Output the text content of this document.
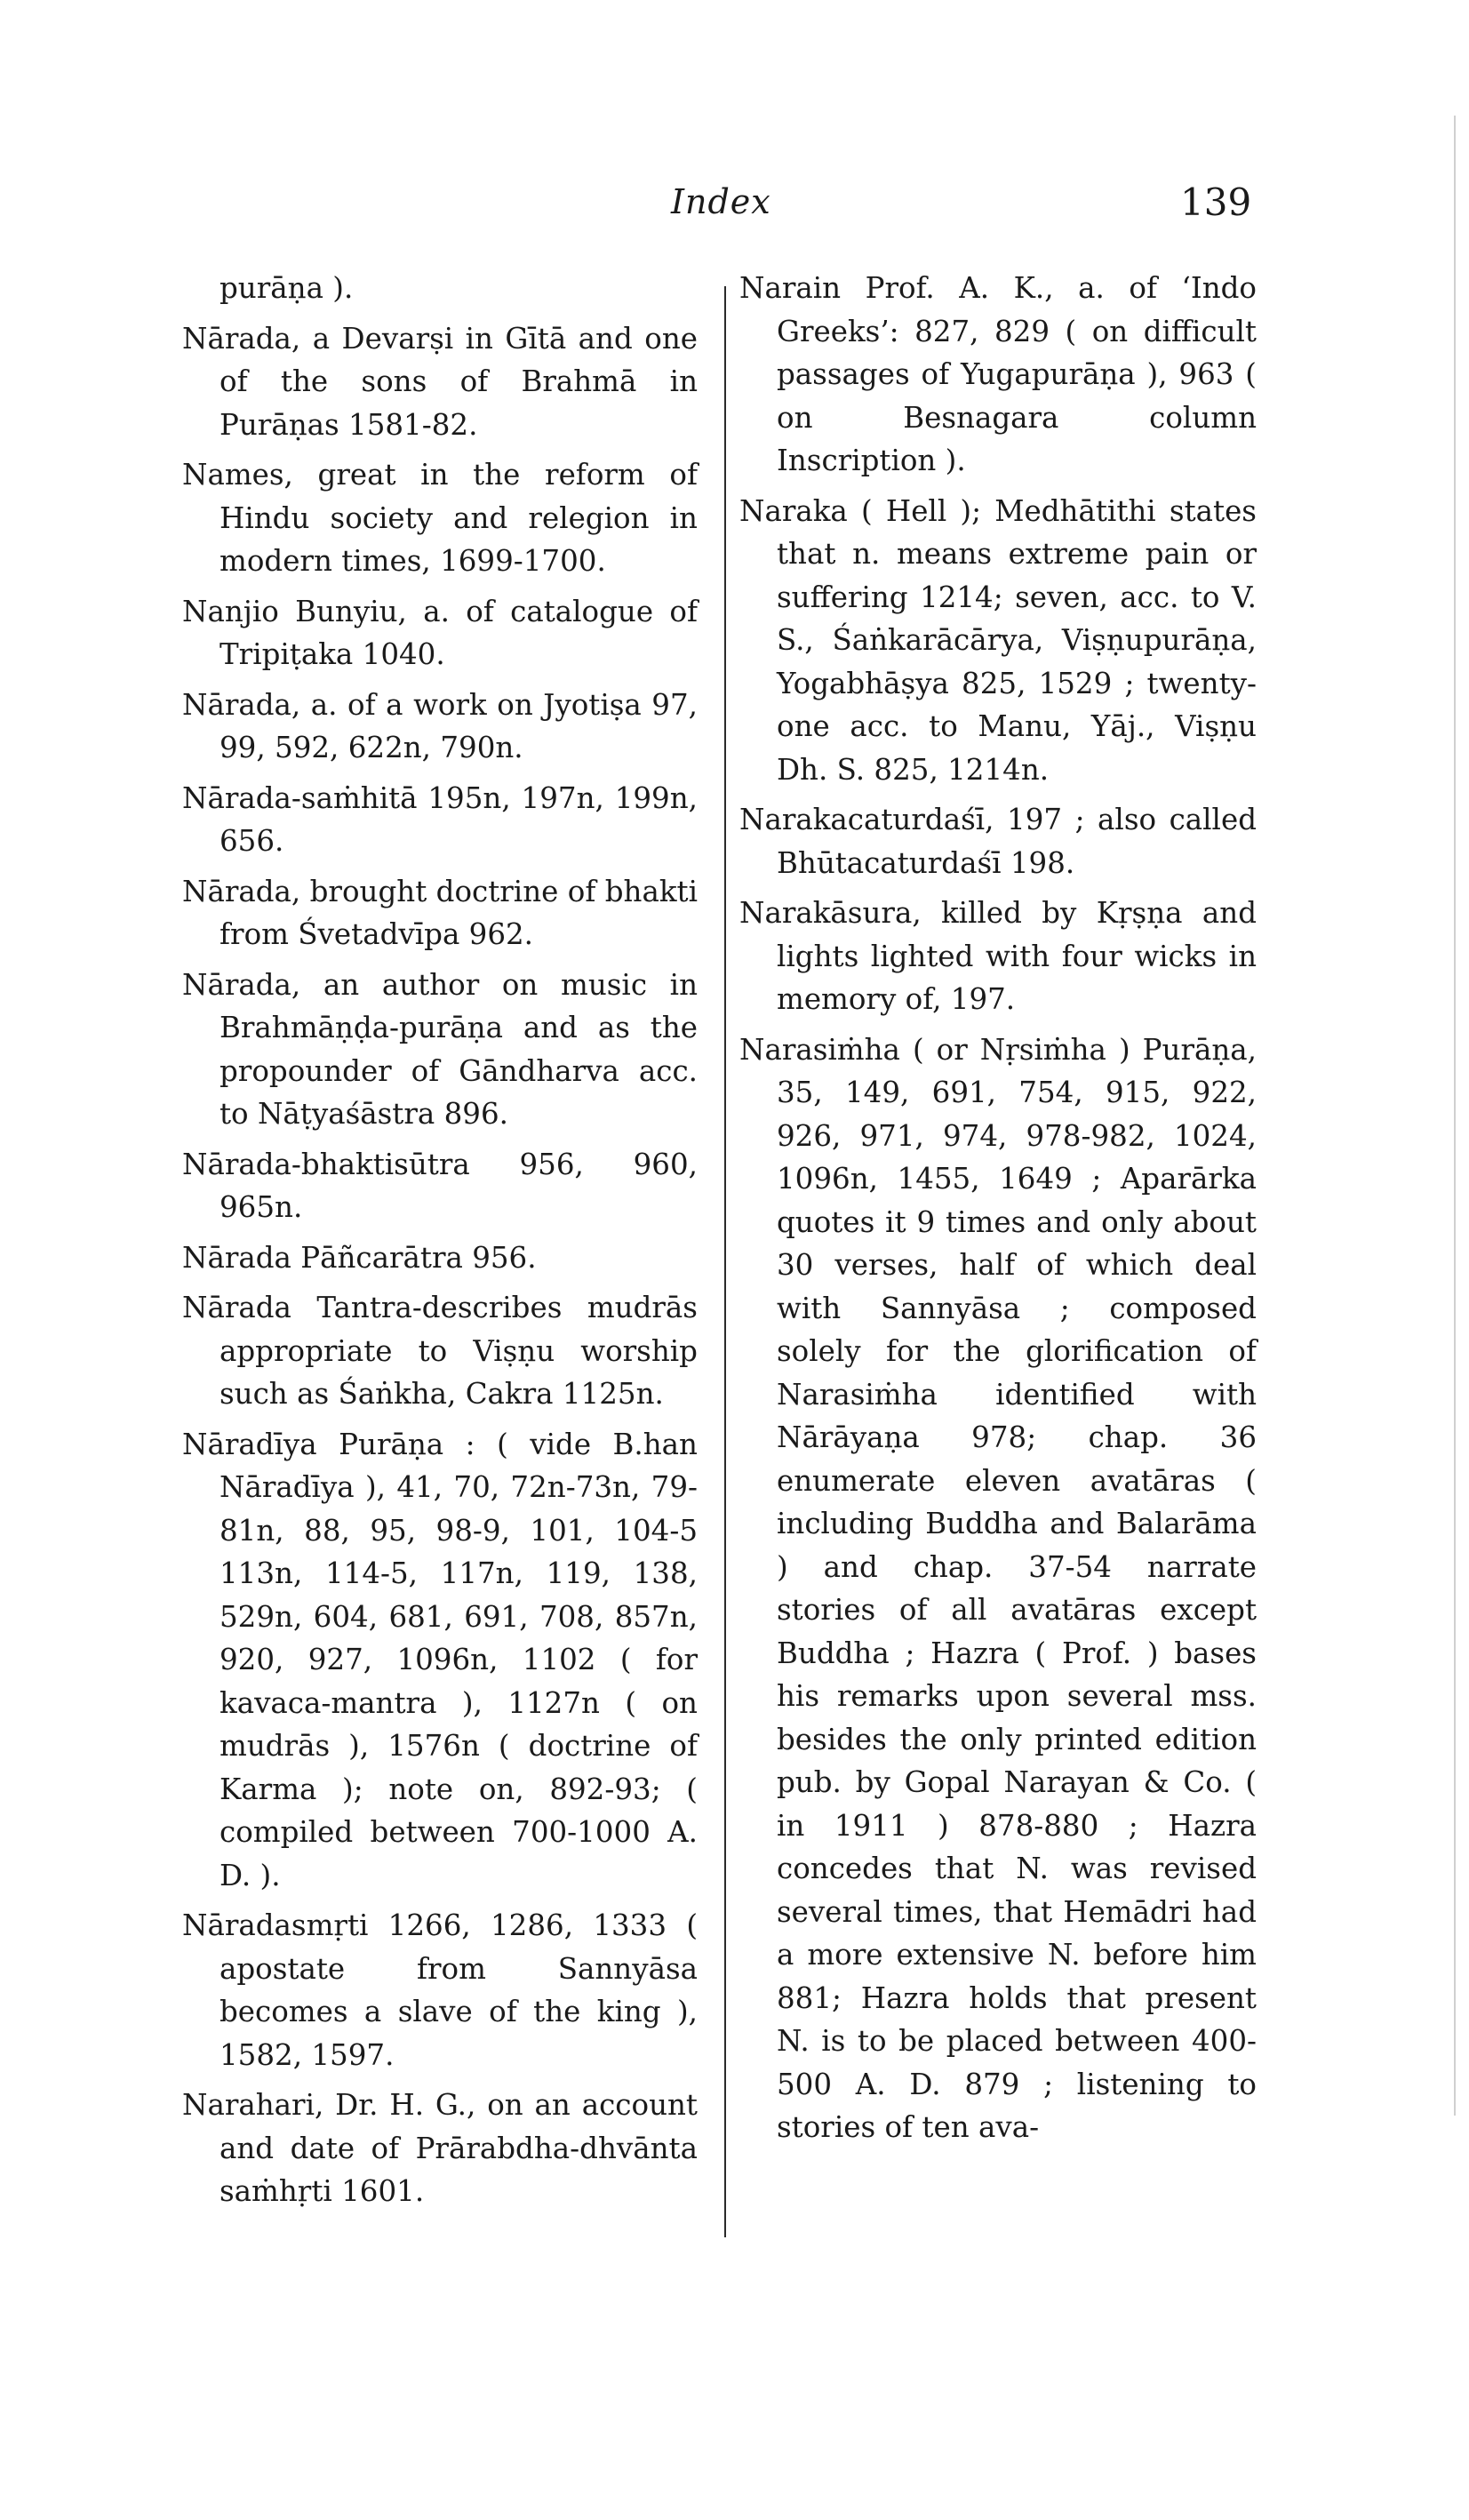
Index	139

purāṇa ).

Nārada, a Devarṣi in Gītā and one of the sons of Brahmā in Purāṇas 1581-82.

Names, great in the reform of Hindu society and relegion in modern times, 1699-1700.

Nanjio Bunyiu, a. of catalogue of Tripiṭaka 1040.

Nārada, a. of a work on Jyotiṣa 97, 99, 592, 622n, 790n.

Nārada-saṁhitā 195n, 197n, 199n, 656.

Nārada, brought doctrine of bhakti from Śvetadvīpa 962.

Nārada, an author on music in Brahmāṇḍa-purāṇa and as the propounder of Gāndharva acc. to Nāṭyaśāstra 896.

Nārada-bhaktisūtra 956, 960, 965n.

Nārada Pāñcarātra 956.

Nārada Tantra-describes mudrās appropriate to Viṣṇu worship such as Śaṅkha, Cakra 1125n.

Nāradīya Purāṇa : ( vide B.han Nāradīya ), 41, 70, 72n-73n, 79-81n, 88, 95, 98-9, 101, 104-5 113n, 114-5, 117n, 119, 138, 529n, 604, 681, 691, 708, 857n, 920, 927, 1096n, 1102 ( for kavaca-mantra ), 1127n ( on mudrās ), 1576n ( doctrine of Karma ); note on, 892-93; ( compiled between 700-1000 A. D. ).

Nāradasmṛti 1266, 1286, 1333 ( apostate from Sannyāsa becomes a slave of the king ), 1582, 1597.

Narahari, Dr. H. G., on an account and date of Prārabdha-dhvānta saṁhṛti 1601.

Narain Prof. A. K., a. of ‘Indo Greeks’: 827, 829 ( on difficult passages of Yugapurāṇa ), 963 ( on Besnagara column Inscription ).

Naraka ( Hell ); Medhātithi states that n. means extreme pain or suffering 1214; seven, acc. to V. S., Śaṅkarācārya, Viṣṇupurāṇa, Yogabhāṣya 825, 1529 ; twenty-one acc. to Manu, Yāj., Viṣṇu Dh. S. 825, 1214n.

Narakacaturdaśī, 197 ; also called Bhūtacaturdaśī 198.

Narakāsura, killed by Kṛṣṇa and lights lighted with four wicks in memory of, 197.

Narasiṁha ( or Nṛsiṁha ) Purāṇa, 35, 149, 691, 754, 915, 922, 926, 971, 974, 978-982, 1024, 1096n, 1455, 1649 ; Aparārka quotes it 9 times and only about 30 verses, half of which deal with Sannyāsa ; composed solely for the glorification of Narasiṁha identified with Nārāyaṇa 978; chap. 36 enumerate eleven avatāras ( including Buddha and Balarāma ) and chap. 37-54 narrate stories of all avatāras except Buddha ; Hazra ( Prof. ) bases his remarks upon several mss. besides the only printed edition pub. by Gopal Narayan & Co. ( in 1911 ) 878-880 ; Hazra concedes that N. was revised several times, that Hemādri had a more extensive N. before him 881; Hazra holds that present N. is to be placed between 400-500 A. D. 879 ; listening to stories of ten ava-
